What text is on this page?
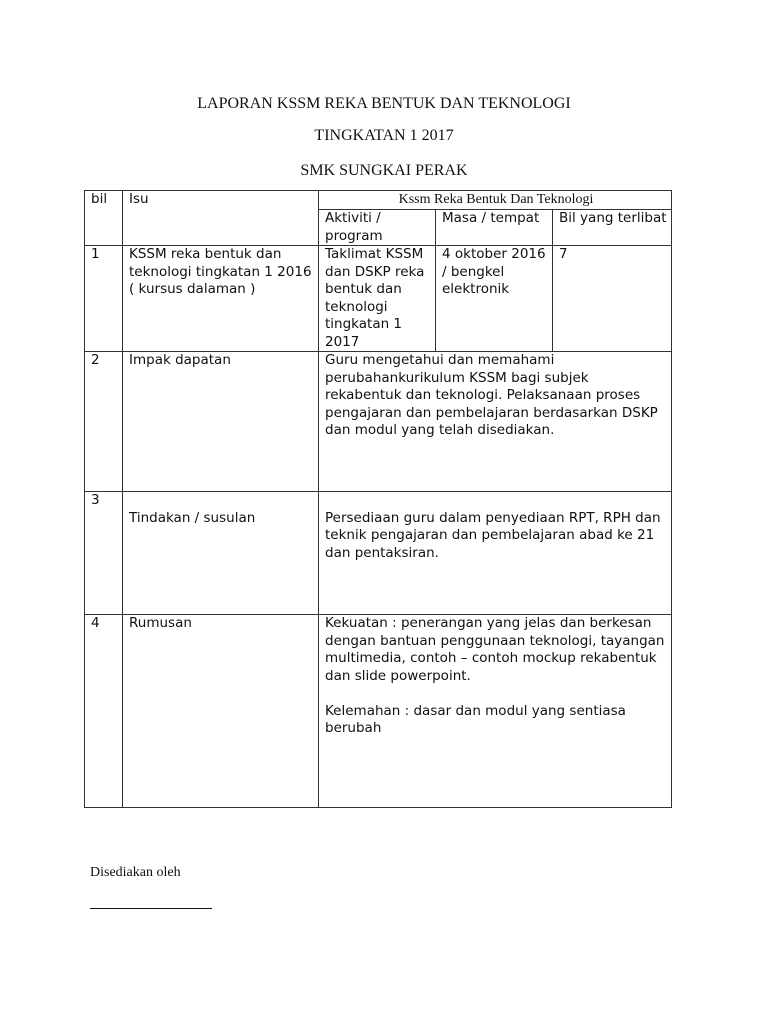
LAPORAN KSSM REKA BENTUK DAN TEKNOLOGI
TINGKATAN 1 2017
SMK SUNGKAI PERAK
bil	Isu	Kssm Reka Bentuk Dan Teknologi		
		Aktiviti / program	Masa / tempat	Bil yang terlibat
1	KSSM reka bentuk dan teknologi tingkatan 1 2016 ( kursus dalaman )	Taklimat KSSM dan DSKP reka bentuk dan teknologi tingkatan 1 2017	4 oktober 2016 / bengkel elektronik	7
2	Impak dapatan	Guru mengetahui dan memahami perubahankurikulum KSSM bagi subjek rekabentuk dan teknologi. Pelaksanaan proses pengajaran dan pembelajaran berdasarkan DSKP dan modul yang telah disediakan.		
3	Tindakan / susulan	Persediaan guru dalam penyediaan RPT, RPH dan teknik pengajaran dan pembelajaran abad ke 21 dan pentaksiran.		
4	Rumusan	Kekuatan : penerangan yang jelas dan berkesan dengan bantuan penggunaan teknologi, tayangan multimedia, contoh – contoh mockup rekabentuk dan slide powerpoint.

Kelemahan : dasar dan modul yang sentiasa berubah		

Disediakan oleh
